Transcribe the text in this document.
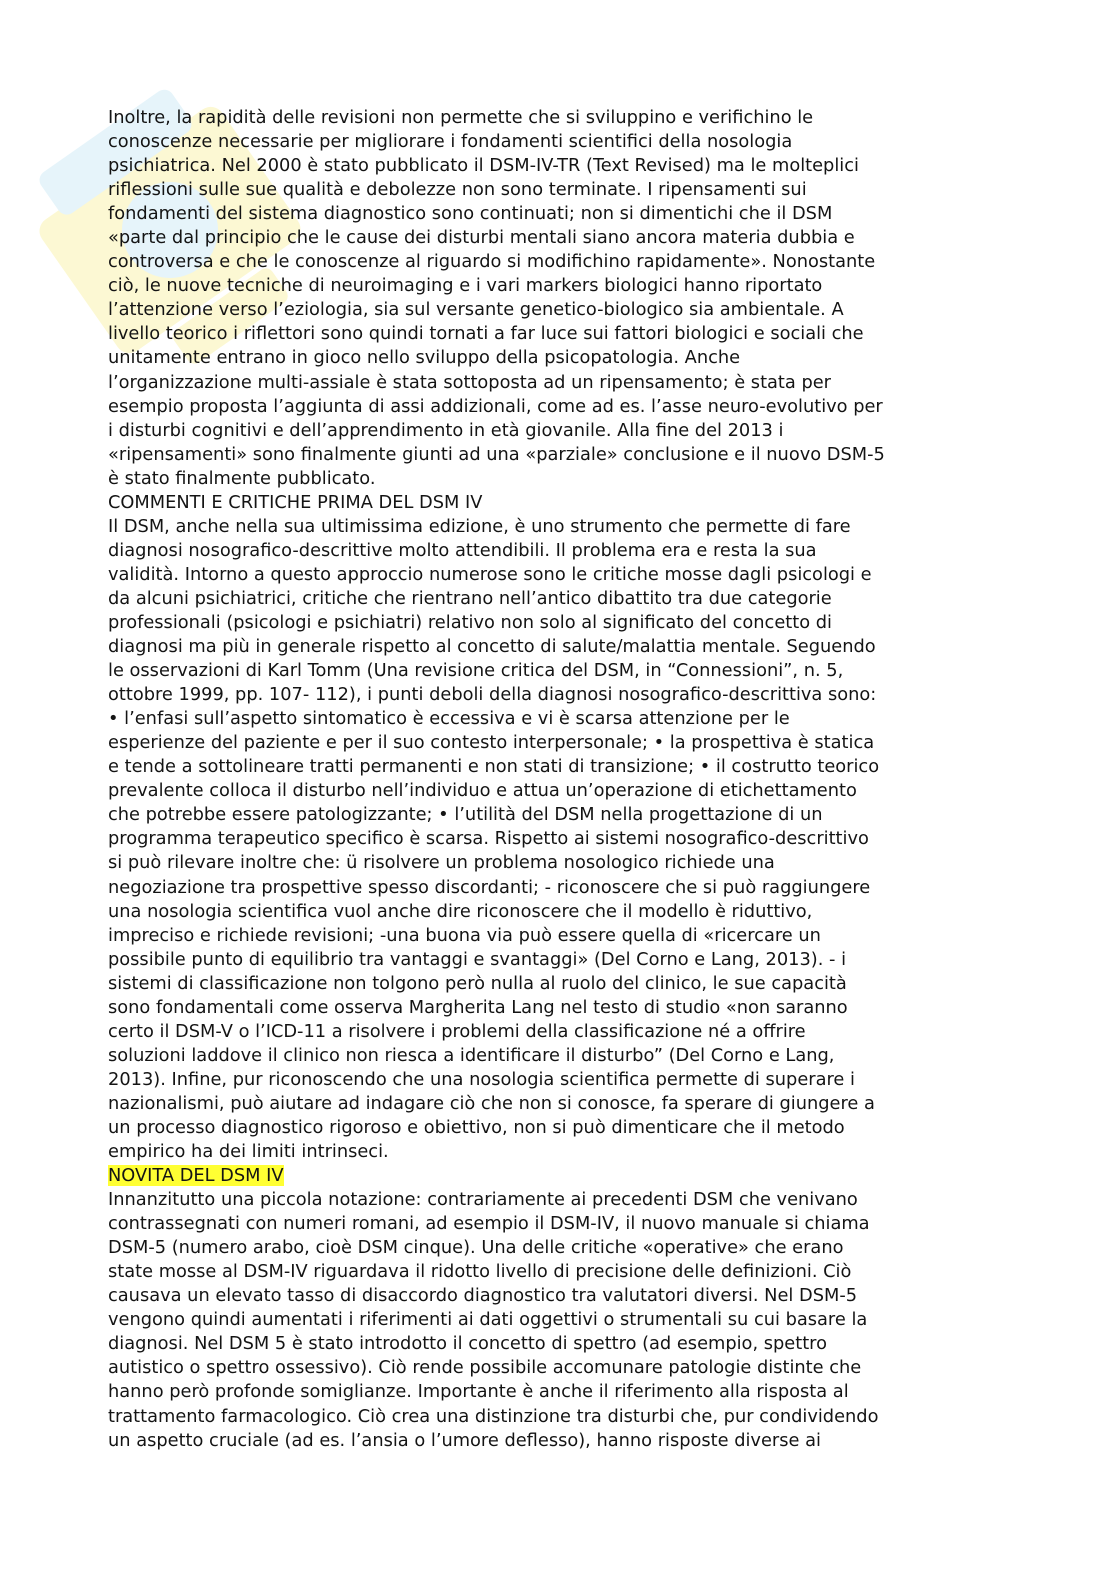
Inoltre, la rapidità delle revisioni non permette che si sviluppino e verifichino le
conoscenze necessarie per migliorare i fondamenti scientifici della nosologia
psichiatrica. Nel 2000 è stato pubblicato il DSM-IV-TR (Text Revised) ma le molteplici
riflessioni sulle sue qualità e debolezze non sono terminate. I ripensamenti sui
fondamenti del sistema diagnostico sono continuati; non si dimentichi che il DSM
«parte dal principio che le cause dei disturbi mentali siano ancora materia dubbia e
controversa e che le conoscenze al riguardo si modifichino rapidamente». Nonostante
ciò, le nuove tecniche di neuroimaging e i vari markers biologici hanno riportato
l’attenzione verso l’eziologia, sia sul versante genetico-biologico sia ambientale. A
livello teorico i riflettori sono quindi tornati a far luce sui fattori biologici e sociali che
unitamente entrano in gioco nello sviluppo della psicopatologia. Anche
l’organizzazione multi-assiale è stata sottoposta ad un ripensamento; è stata per
esempio proposta l’aggiunta di assi addizionali, come ad es. l’asse neuro-evolutivo per
i disturbi cognitivi e dell’apprendimento in età giovanile. Alla fine del 2013 i
«ripensamenti» sono finalmente giunti ad una «parziale» conclusione e il nuovo DSM-5
è stato finalmente pubblicato.
COMMENTI E CRITICHE PRIMA DEL DSM IV
Il DSM, anche nella sua ultimissima edizione, è uno strumento che permette di fare
diagnosi nosografico-descrittive molto attendibili. Il problema era e resta la sua
validità. Intorno a questo approccio numerose sono le critiche mosse dagli psicologi e
da alcuni psichiatrici, critiche che rientrano nell’antico dibattito tra due categorie
professionali (psicologi e psichiatri) relativo non solo al significato del concetto di
diagnosi ma più in generale rispetto al concetto di salute/malattia mentale. Seguendo
le osservazioni di Karl Tomm (Una revisione critica del DSM, in “Connessioni”, n. 5,
ottobre 1999, pp. 107- 112), i punti deboli della diagnosi nosografico-descrittiva sono:
• l’enfasi sull’aspetto sintomatico è eccessiva e vi è scarsa attenzione per le
esperienze del paziente e per il suo contesto interpersonale; • la prospettiva è statica
e tende a sottolineare tratti permanenti e non stati di transizione; • il costrutto teorico
prevalente colloca il disturbo nell’individuo e attua un’operazione di etichettamento
che potrebbe essere patologizzante; • l’utilità del DSM nella progettazione di un
programma terapeutico specifico è scarsa. Rispetto ai sistemi nosografico-descrittivo
si può rilevare inoltre che: ü risolvere un problema nosologico richiede una
negoziazione tra prospettive spesso discordanti; - riconoscere che si può raggiungere
una nosologia scientifica vuol anche dire riconoscere che il modello è riduttivo,
impreciso e richiede revisioni; -una buona via può essere quella di «ricercare un
possibile punto di equilibrio tra vantaggi e svantaggi» (Del Corno e Lang, 2013). - i
sistemi di classificazione non tolgono però nulla al ruolo del clinico, le sue capacità
sono fondamentali come osserva Margherita Lang nel testo di studio «non saranno
certo il DSM-V o l’ICD-11 a risolvere i problemi della classificazione né a offrire
soluzioni laddove il clinico non riesca a identificare il disturbo” (Del Corno e Lang,
2013). Infine, pur riconoscendo che una nosologia scientifica permette di superare i
nazionalismi, può aiutare ad indagare ciò che non si conosce, fa sperare di giungere a
un processo diagnostico rigoroso e obiettivo, non si può dimenticare che il metodo
empirico ha dei limiti intrinseci.
NOVITA DEL DSM IV
Innanzitutto una piccola notazione: contrariamente ai precedenti DSM che venivano
contrassegnati con numeri romani, ad esempio il DSM-IV, il nuovo manuale si chiama
DSM-5 (numero arabo, cioè DSM cinque). Una delle critiche «operative» che erano
state mosse al DSM-IV riguardava il ridotto livello di precisione delle definizioni. Ciò
causava un elevato tasso di disaccordo diagnostico tra valutatori diversi. Nel DSM-5
vengono quindi aumentati i riferimenti ai dati oggettivi o strumentali su cui basare la
diagnosi. Nel DSM 5 è stato introdotto il concetto di spettro (ad esempio, spettro
autistico o spettro ossessivo). Ciò rende possibile accomunare patologie distinte che
hanno però profonde somiglianze. Importante è anche il riferimento alla risposta al
trattamento farmacologico. Ciò crea una distinzione tra disturbi che, pur condividendo
un aspetto cruciale (ad es. l’ansia o l’umore deflesso), hanno risposte diverse ai
